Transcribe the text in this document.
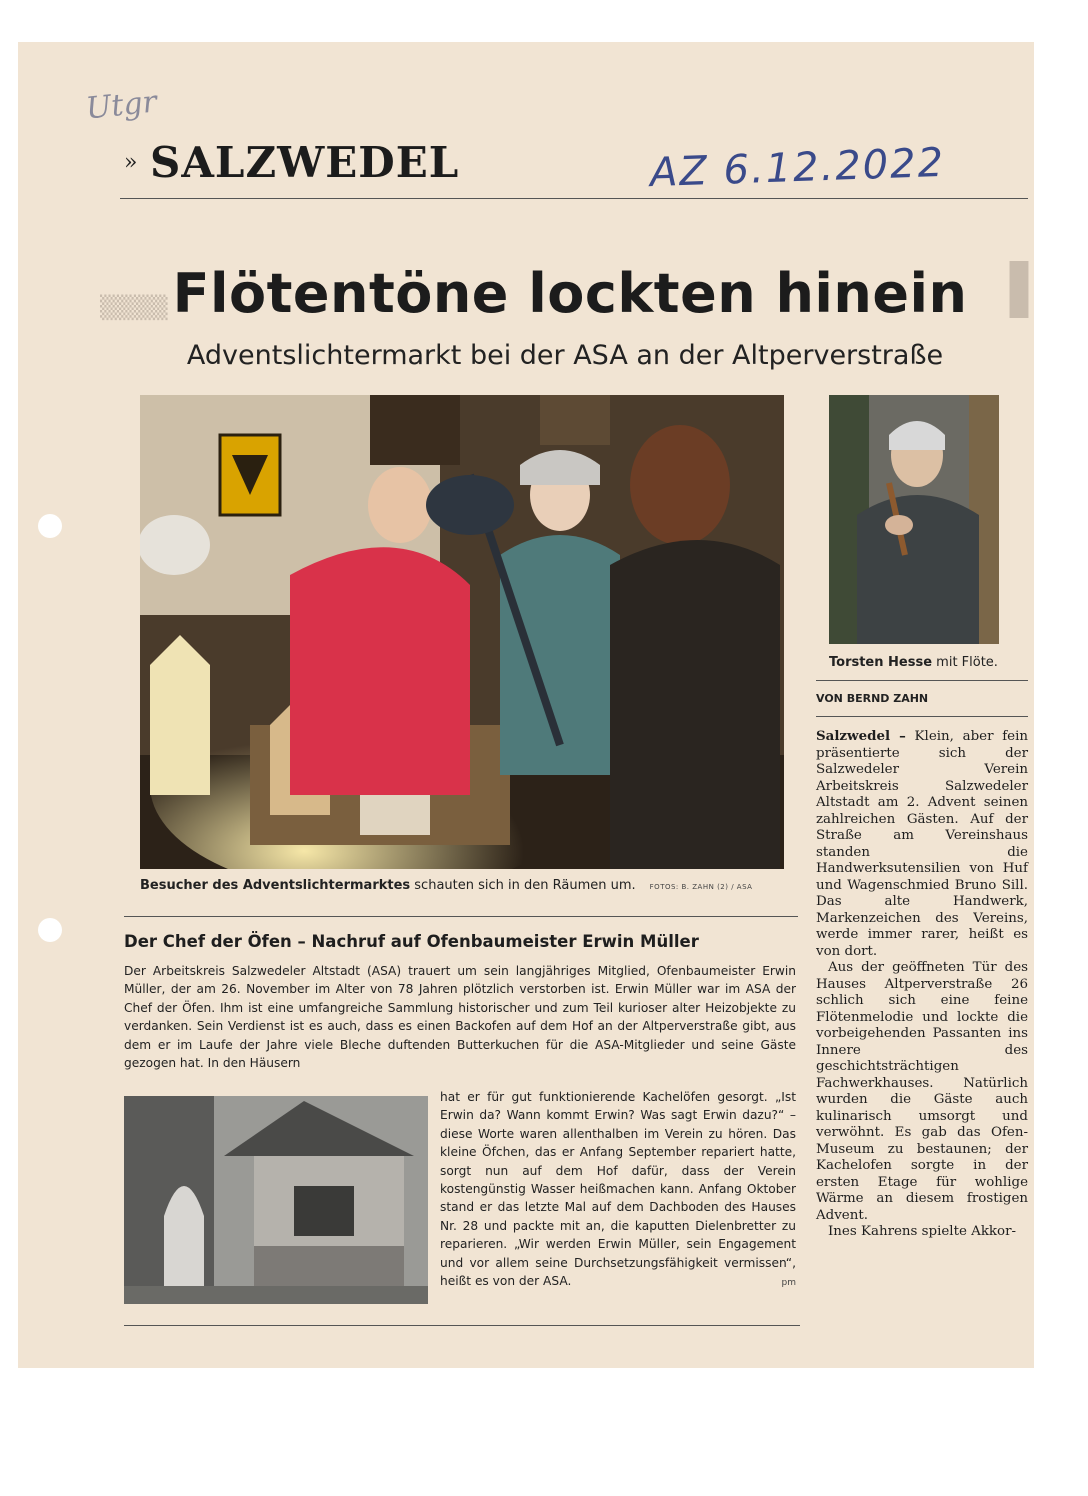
▒▒▒▒	▌
Utgr
AZ 6.12.2022
» SALZWEDEL
Flötentöne lockten hinein
Adventslichtermarkt bei der ASA an der Altperverstraße
Besucher des Adventslichtermarktes schauten sich in den Räumen um. FOTOS: B. ZAHN (2) / ASA
Torsten Hesse mit Flöte.
VON BERND ZAHN

Salzwedel – Klein, aber fein präsentierte sich der Salzwedeler Verein Arbeitskreis Salzwedeler Altstadt am 2. Advent seinen zahlreichen Gästen. Auf der Straße am Vereinshaus standen die Handwerksutensilien von Huf und Wagenschmied Bruno Sill. Das alte Handwerk, Markenzeichen des Vereins, werde immer rarer, heißt es von dort.

Aus der geöffneten Tür des Hauses Altperverstraße 26 schlich sich eine feine Flötenmelodie und lockte die vorbeigehenden Passanten ins Innere des geschichtsträchtigen Fachwerkhauses. Natürlich wurden die Gäste auch kulinarisch umsorgt und verwöhnt. Es gab das Ofen-Museum zu bestaunen; der Kachelofen sorgte in der ersten Etage für wohlige Wärme an diesem frostigen Advent.

Ines Kahrens spielte Akkor-

Der Chef der Öfen – Nachruf auf Ofenbaumeister Erwin Müller
Der Arbeitskreis Salzwedeler Altstadt (ASA) trauert um sein langjähriges Mitglied, Ofenbaumeister Erwin Müller, der am 26. November im Alter von 78 Jahren plötzlich verstorben ist. Erwin Müller war im ASA der Chef der Öfen. Ihm ist eine umfangreiche Sammlung historischer und zum Teil kurioser alter Heizobjekte zu verdanken. Sein Verdienst ist es auch, dass es einen Backofen auf dem Hof an der Altperverstraße gibt, aus dem er im Laufe der Jahre viele Bleche duftenden Butterkuchen für die ASA-Mitglieder und seine Gäste gezogen hat. In den Häusern
hat er für gut funktionierende Kachelöfen gesorgt. „Ist Erwin da? Wann kommt Erwin? Was sagt Erwin dazu?“ – diese Worte waren allenthalben im Verein zu hören. Das kleine Öfchen, das er Anfang September repariert hatte, sorgt nun auf dem Hof dafür, dass der Verein kostengünstig Wasser heißmachen kann. Anfang Oktober stand er das letzte Mal auf dem Dachboden des Hauses Nr. 28 und packte mit an, die kaputten Dielenbretter zu reparieren. „Wir werden Erwin Müller, sein Engagement und vor allem seine Durchsetzungsfähigkeit vermissen“, heißt es von der ASA.	pm
